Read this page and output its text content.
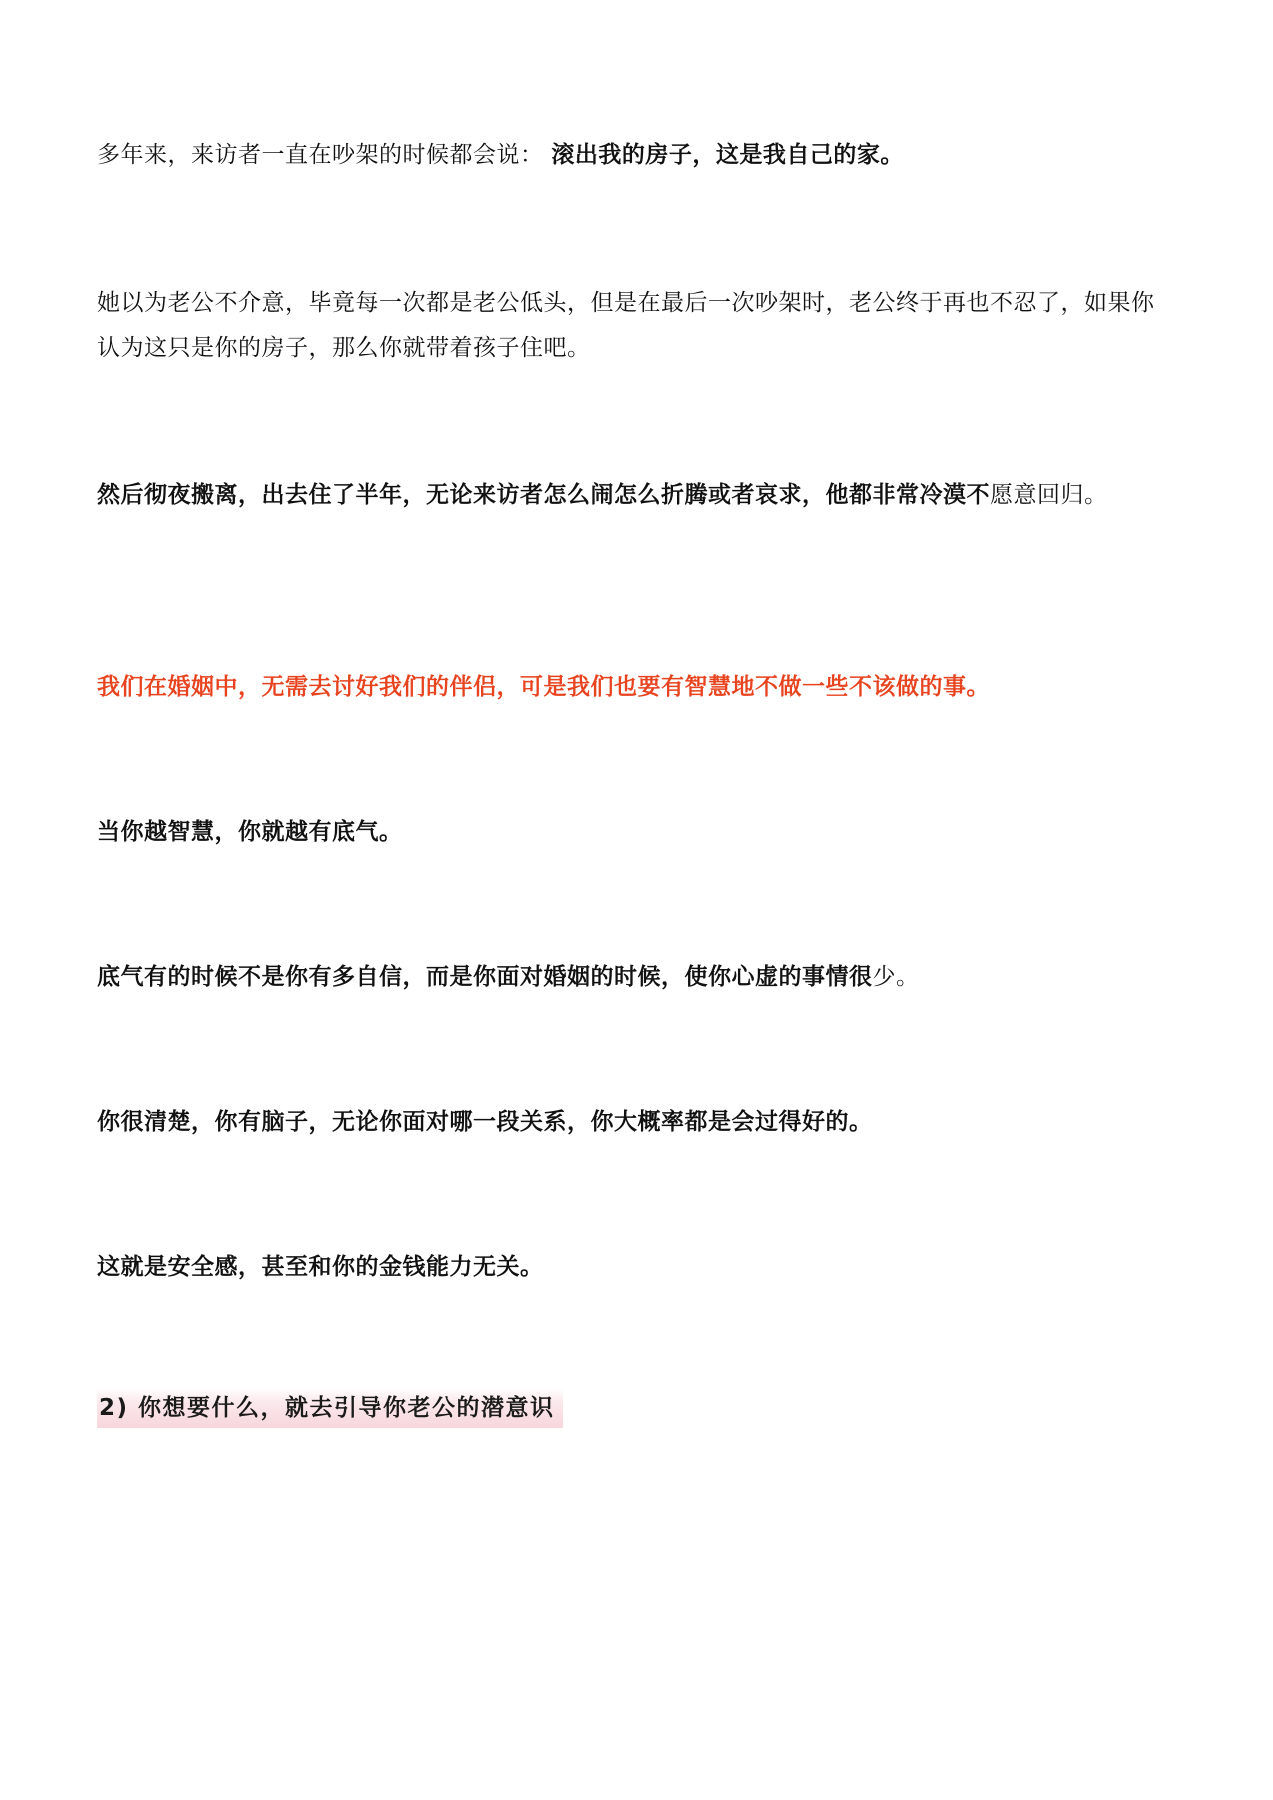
多年来，来访者一直在吵架的时候都会说： 滚出我的房子，这是我自己的家。

她以为老公不介意，毕竟每一次都是老公低头，但是在最后一次吵架时，老公终于再也不忍了，如果你认为这只是你的房子，那么你就带着孩子住吧。

然后彻夜搬离，出去住了半年，无论来访者怎么闹怎么折腾或者哀求，他都非常冷漠不愿意回归。

我们在婚姻中，无需去讨好我们的伴侣，可是我们也要有智慧地不做一些不该做的事。

当你越智慧，你就越有底气。

底气有的时候不是你有多自信，而是你面对婚姻的时候，使你心虚的事情很少。

你很清楚，你有脑子，无论你面对哪一段关系，你大概率都是会过得好的。

这就是安全感，甚至和你的金钱能力无关。

2) 你想要什么，就去引导你老公的潜意识
